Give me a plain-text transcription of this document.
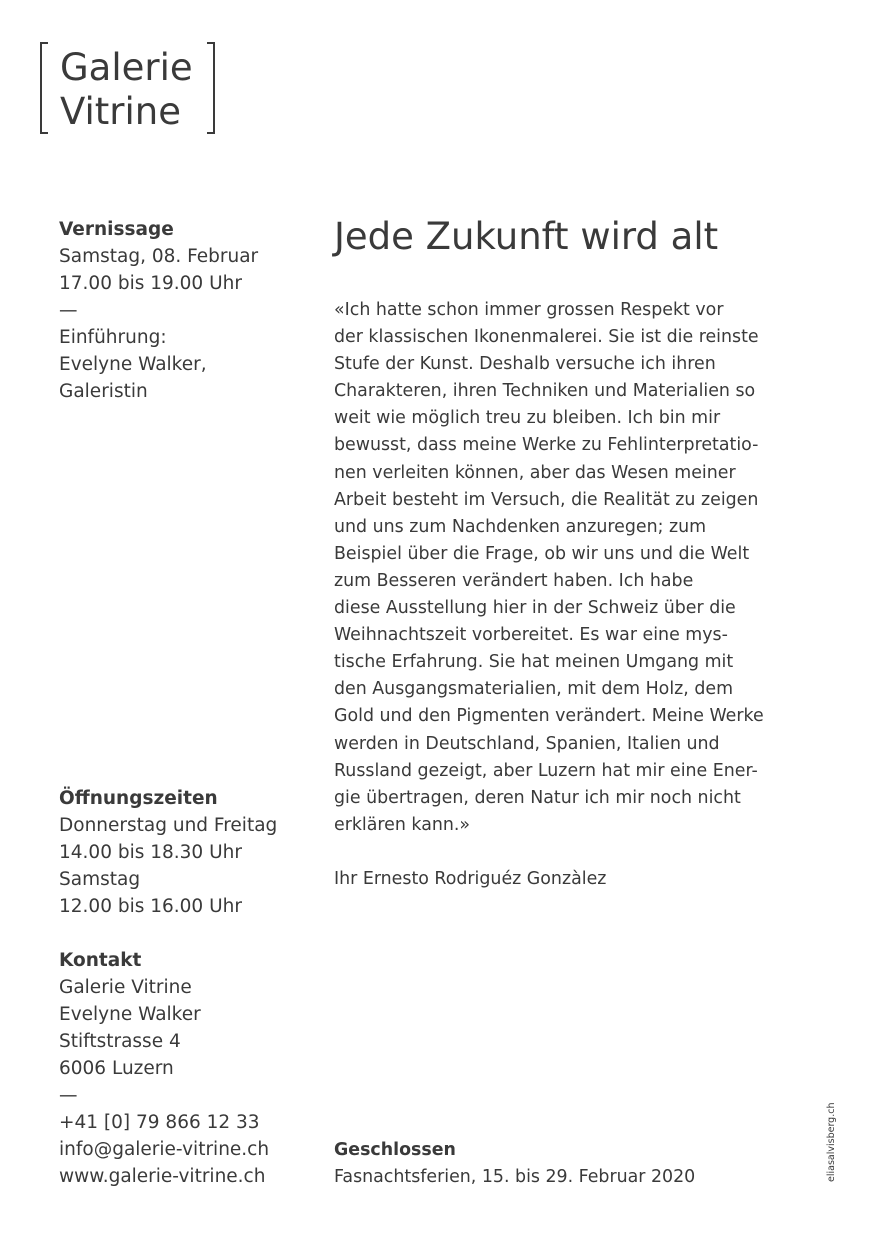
Galerie
Vitrine
Vernissage
Samstag, 08. Februar
17.00 bis 19.00 Uhr
—
Einführung:
Evelyne Walker,
Galeristin
Öffnungszeiten
Donnerstag und Freitag
14.00 bis 18.30 Uhr
Samstag
12.00 bis 16.00 Uhr
Kontakt
Galerie Vitrine
Evelyne Walker
Stiftstrasse 4
6006 Luzern
—
+41 [0] 79 866 12 33
info@galerie-vitrine.ch
www.galerie-vitrine.ch
Jede Zukunft wird alt
«Ich hatte schon immer grossen Respekt vor
der klassischen Ikonenmalerei. Sie ist die reinste
Stufe der Kunst. Deshalb versuche ich ihren
Charakteren, ihren Techniken und Materialien so
weit wie möglich treu zu bleiben. Ich bin mir
bewusst, dass meine Werke zu Fehlinterpretatio-
nen verleiten können, aber das Wesen meiner
Arbeit besteht im Versuch, die Realität zu zeigen
und uns zum Nachdenken anzuregen; zum
Beispiel über die Frage, ob wir uns und die Welt
zum Besseren verändert haben. Ich habe
diese Ausstellung hier in der Schweiz über die
Weihnachtszeit vorbereitet. Es war eine mys-
tische Erfahrung. Sie hat meinen Umgang mit
den Ausgangsmaterialien, mit dem Holz, dem
Gold und den Pigmenten verändert. Meine Werke
werden in Deutschland, Spanien, Italien und
Russland gezeigt, aber Luzern hat mir eine Ener-
gie übertragen, deren Natur ich mir noch nicht
erklären kann.»
Ihr Ernesto Rodriguéz Gonzàlez
Geschlossen
Fasnachtsferien, 15. bis 29. Februar 2020	eliasalvisberg.ch
